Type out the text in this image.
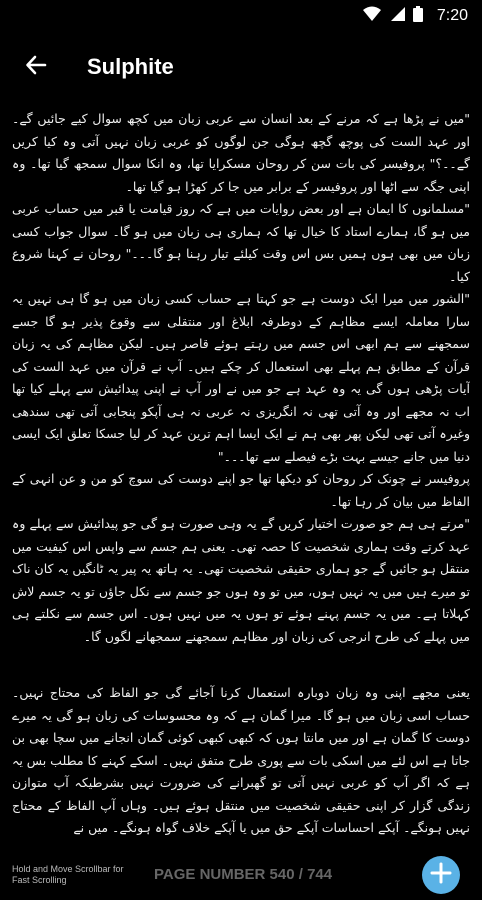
7:20
Sulphite

"میں نے پڑھا ہے کہ مرنے کے بعد انسان سے عربی زبان میں کچھ سوال کیے جائیں گے۔ اور عہد الست کی پوچھ گچھ ہوگی جن لوگوں کو عربی زبان نہیں آتی وہ کیا کریں گے۔۔؟" پروفیسر کی بات سن کر روحان مسکرایا تھا، وہ انکا سوال سمجھ گیا تھا۔ وہ اپنی جگہ سے اٹھا اور پروفیسر کے برابر میں جا کر کھڑا ہو گیا تھا۔

"مسلمانوں کا ایمان ہے اور بعض روایات میں ہے کہ روز قیامت یا قبر میں حساب عربی میں ہو گا، ہمارے استاد کا خیال تھا کہ ہماری ہی زبان میں ہو گا۔ سوال جواب کسی زبان میں بھی ہوں ہمیں بس اس وقت کیلئے تیار رہنا ہو گا۔۔۔" روحان نے کہنا شروع کیا۔

"الشور میں میرا ایک دوست ہے جو کہتا ہے حساب کسی زبان میں ہو گا ہی نہیں یہ سارا معاملہ ایسے مظاہم کے دوطرفہ ابلاغ اور منتقلی سے وقوع پذیر ہو گا جسے سمجھنے سے ہم ابھی اس جسم میں رہتے ہوئے قاصر ہیں۔ لیکن مظاہم کی یہ زبان قرآن کے مطابق ہم پہلے بھی استعمال کر چکے ہیں۔ آپ نے قرآن میں عہد الست کی آیات پڑھی ہوں گی یہ وہ عہد ہے جو میں نے اور آپ نے اپنی پیدائیش سے پہلے کیا تھا اب نہ مجھے اور وہ آتی تھی نہ انگریزی نہ عربی نہ ہی آپکو پنجابی آتی تھی سندھی وغیرہ آتی تھی لیکن پھر بھی ہم نے ایک ایسا اہم ترین عہد کر لیا جسکا تعلق ایک ایسی دنیا میں جانے جیسے بہت بڑے فیصلے سے تھا۔۔۔"

پروفیسر نے چونک کر روحان کو دیکھا تھا جو اپنے دوست کی سوچ کو من و عن انہی کے الفاظ میں بیان کر رہا تھا۔

"مرتے ہی ہم جو صورت اختیار کریں گے یہ وہی صورت ہو گی جو پیدائیش سے پہلے وہ عہد کرتے وقت ہماری شخصیت کا حصہ تھی۔ یعنی ہم جسم سے واپس اس کیفیت میں منتقل ہو جائیں گے جو ہماری حقیقی شخصیت تھی۔ یہ ہاتھ یہ پیر یہ ٹانگیں یہ کان ناک تو میرے ہیں میں یہ نہیں ہوں، میں تو وہ ہوں جو جسم سے نکل جاؤں تو یہ جسم لاش کہلاتا ہے۔ میں یہ جسم پہنے ہوئے تو ہوں یہ میں نہیں ہوں۔ اس جسم سے نکلتے ہی میں پہلے کی طرح انرجی کی زبان اور مظاہم سمجھنے سمجھانے لگوں گا۔

یعنی مجھے اپنی وہ زبان دوبارہ استعمال کرنا آجائے گی جو الفاظ کی محتاج نہیں۔ حساب اسی زبان میں ہو گا۔ میرا گمان ہے کہ وہ محسوسات کی زبان ہو گی یہ میرے دوست کا گمان ہے اور میں مانتا ہوں کہ کبھی کبھی کوئی گمان انجانے میں سچا بھی بن جاتا ہے اس لئے میں اسکی بات سے پوری طرح متفق نہیں۔ اسکے کہنے کا مطلب بس یہ ہے کہ اگر آپ کو عربی نہیں آتی تو گھبرانے کی ضرورت نہیں بشرطیکہ آپ متوازن زندگی گزار کر اپنی حقیقی شخصیت میں منتقل ہوئے ہیں۔ وہاں آپ الفاظ کے محتاج نہیں ہونگے۔ آپکے احساسات آپکے حق میں یا آپکے خلاف گواہ ہونگے۔ میں نے

Hold and Move Scrollbar for Fast Scrolling	PAGE NUMBER 540 / 744
